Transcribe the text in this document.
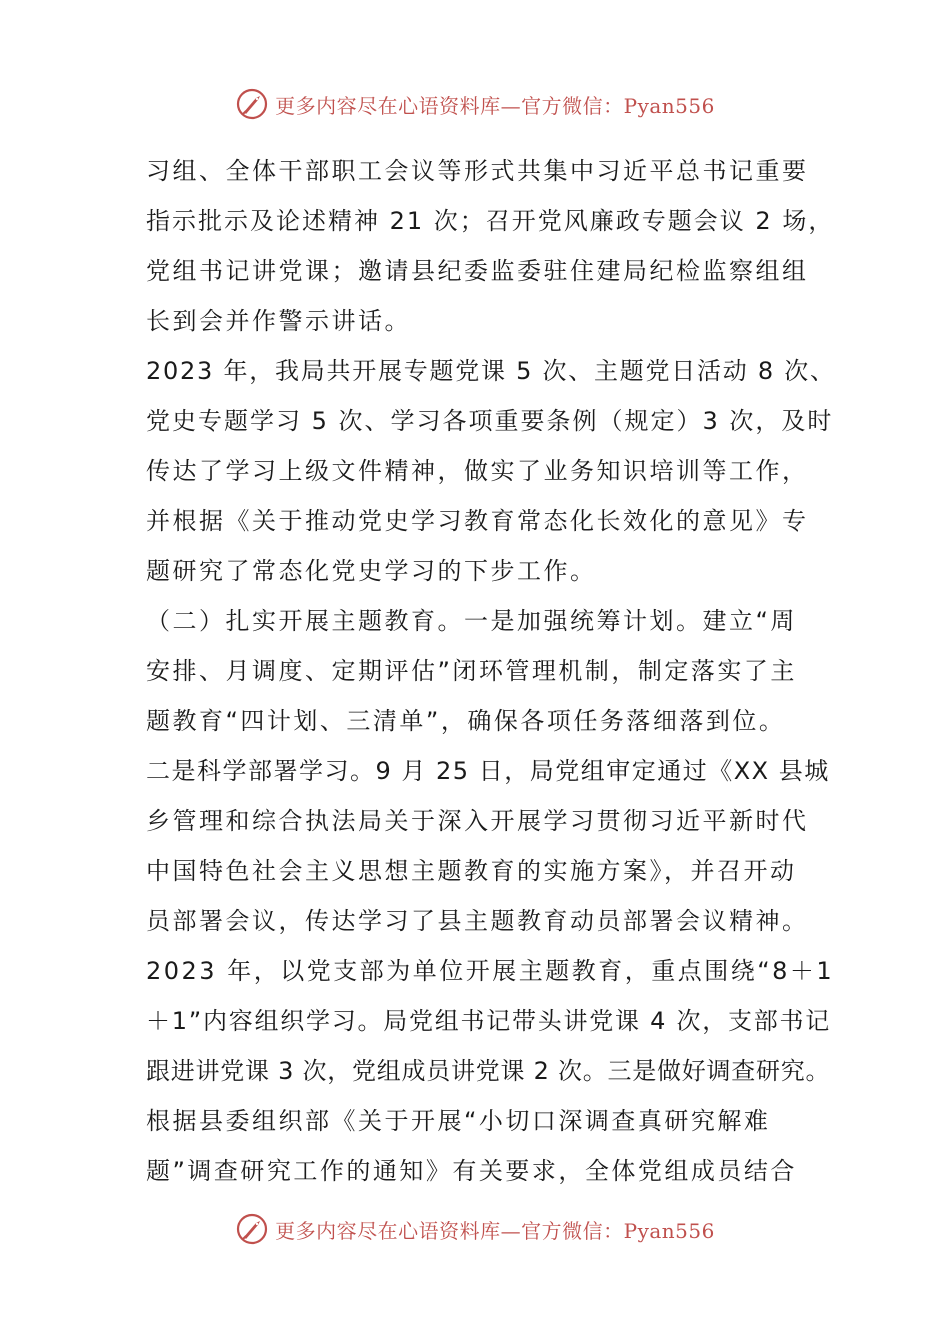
更多内容尽在心语资料库—官方微信：Pyan556
习组、全体干部职工会议等形式共集中习近平总书记重要
指示批示及论述精神 21 次；召开党风廉政专题会议 2 场，
党组书记讲党课；邀请县纪委监委驻住建局纪检监察组组
长到会并作警示讲话。
2023 年，我局共开展专题党课 5 次、主题党日活动 8 次、
党史专题学习 5 次、学习各项重要条例（规定）3 次，及时
传达了学习上级文件精神，做实了业务知识培训等工作，
并根据《关于推动党史学习教育常态化长效化的意见》专
题研究了常态化党史学习的下步工作。
（二）扎实开展主题教育。一是加强统筹计划。建立“周
安排、月调度、定期评估”闭环管理机制，制定落实了主
题教育“四计划、三清单”，确保各项任务落细落到位。
二是科学部署学习。9 月 25 日，局党组审定通过《XX 县城
乡管理和综合执法局关于深入开展学习贯彻习近平新时代
中国特色社会主义思想主题教育的实施方案》，并召开动
员部署会议，传达学习了县主题教育动员部署会议精神。
2023 年，以党支部为单位开展主题教育，重点围绕“8＋1
＋1”内容组织学习。局党组书记带头讲党课 4 次，支部书记
跟进讲党课 3 次，党组成员讲党课 2 次。三是做好调查研究。
根据县委组织部《关于开展“小切口深调查真研究解难
题”调查研究工作的通知》有关要求，全体党组成员结合
更多内容尽在心语资料库—官方微信：Pyan556
